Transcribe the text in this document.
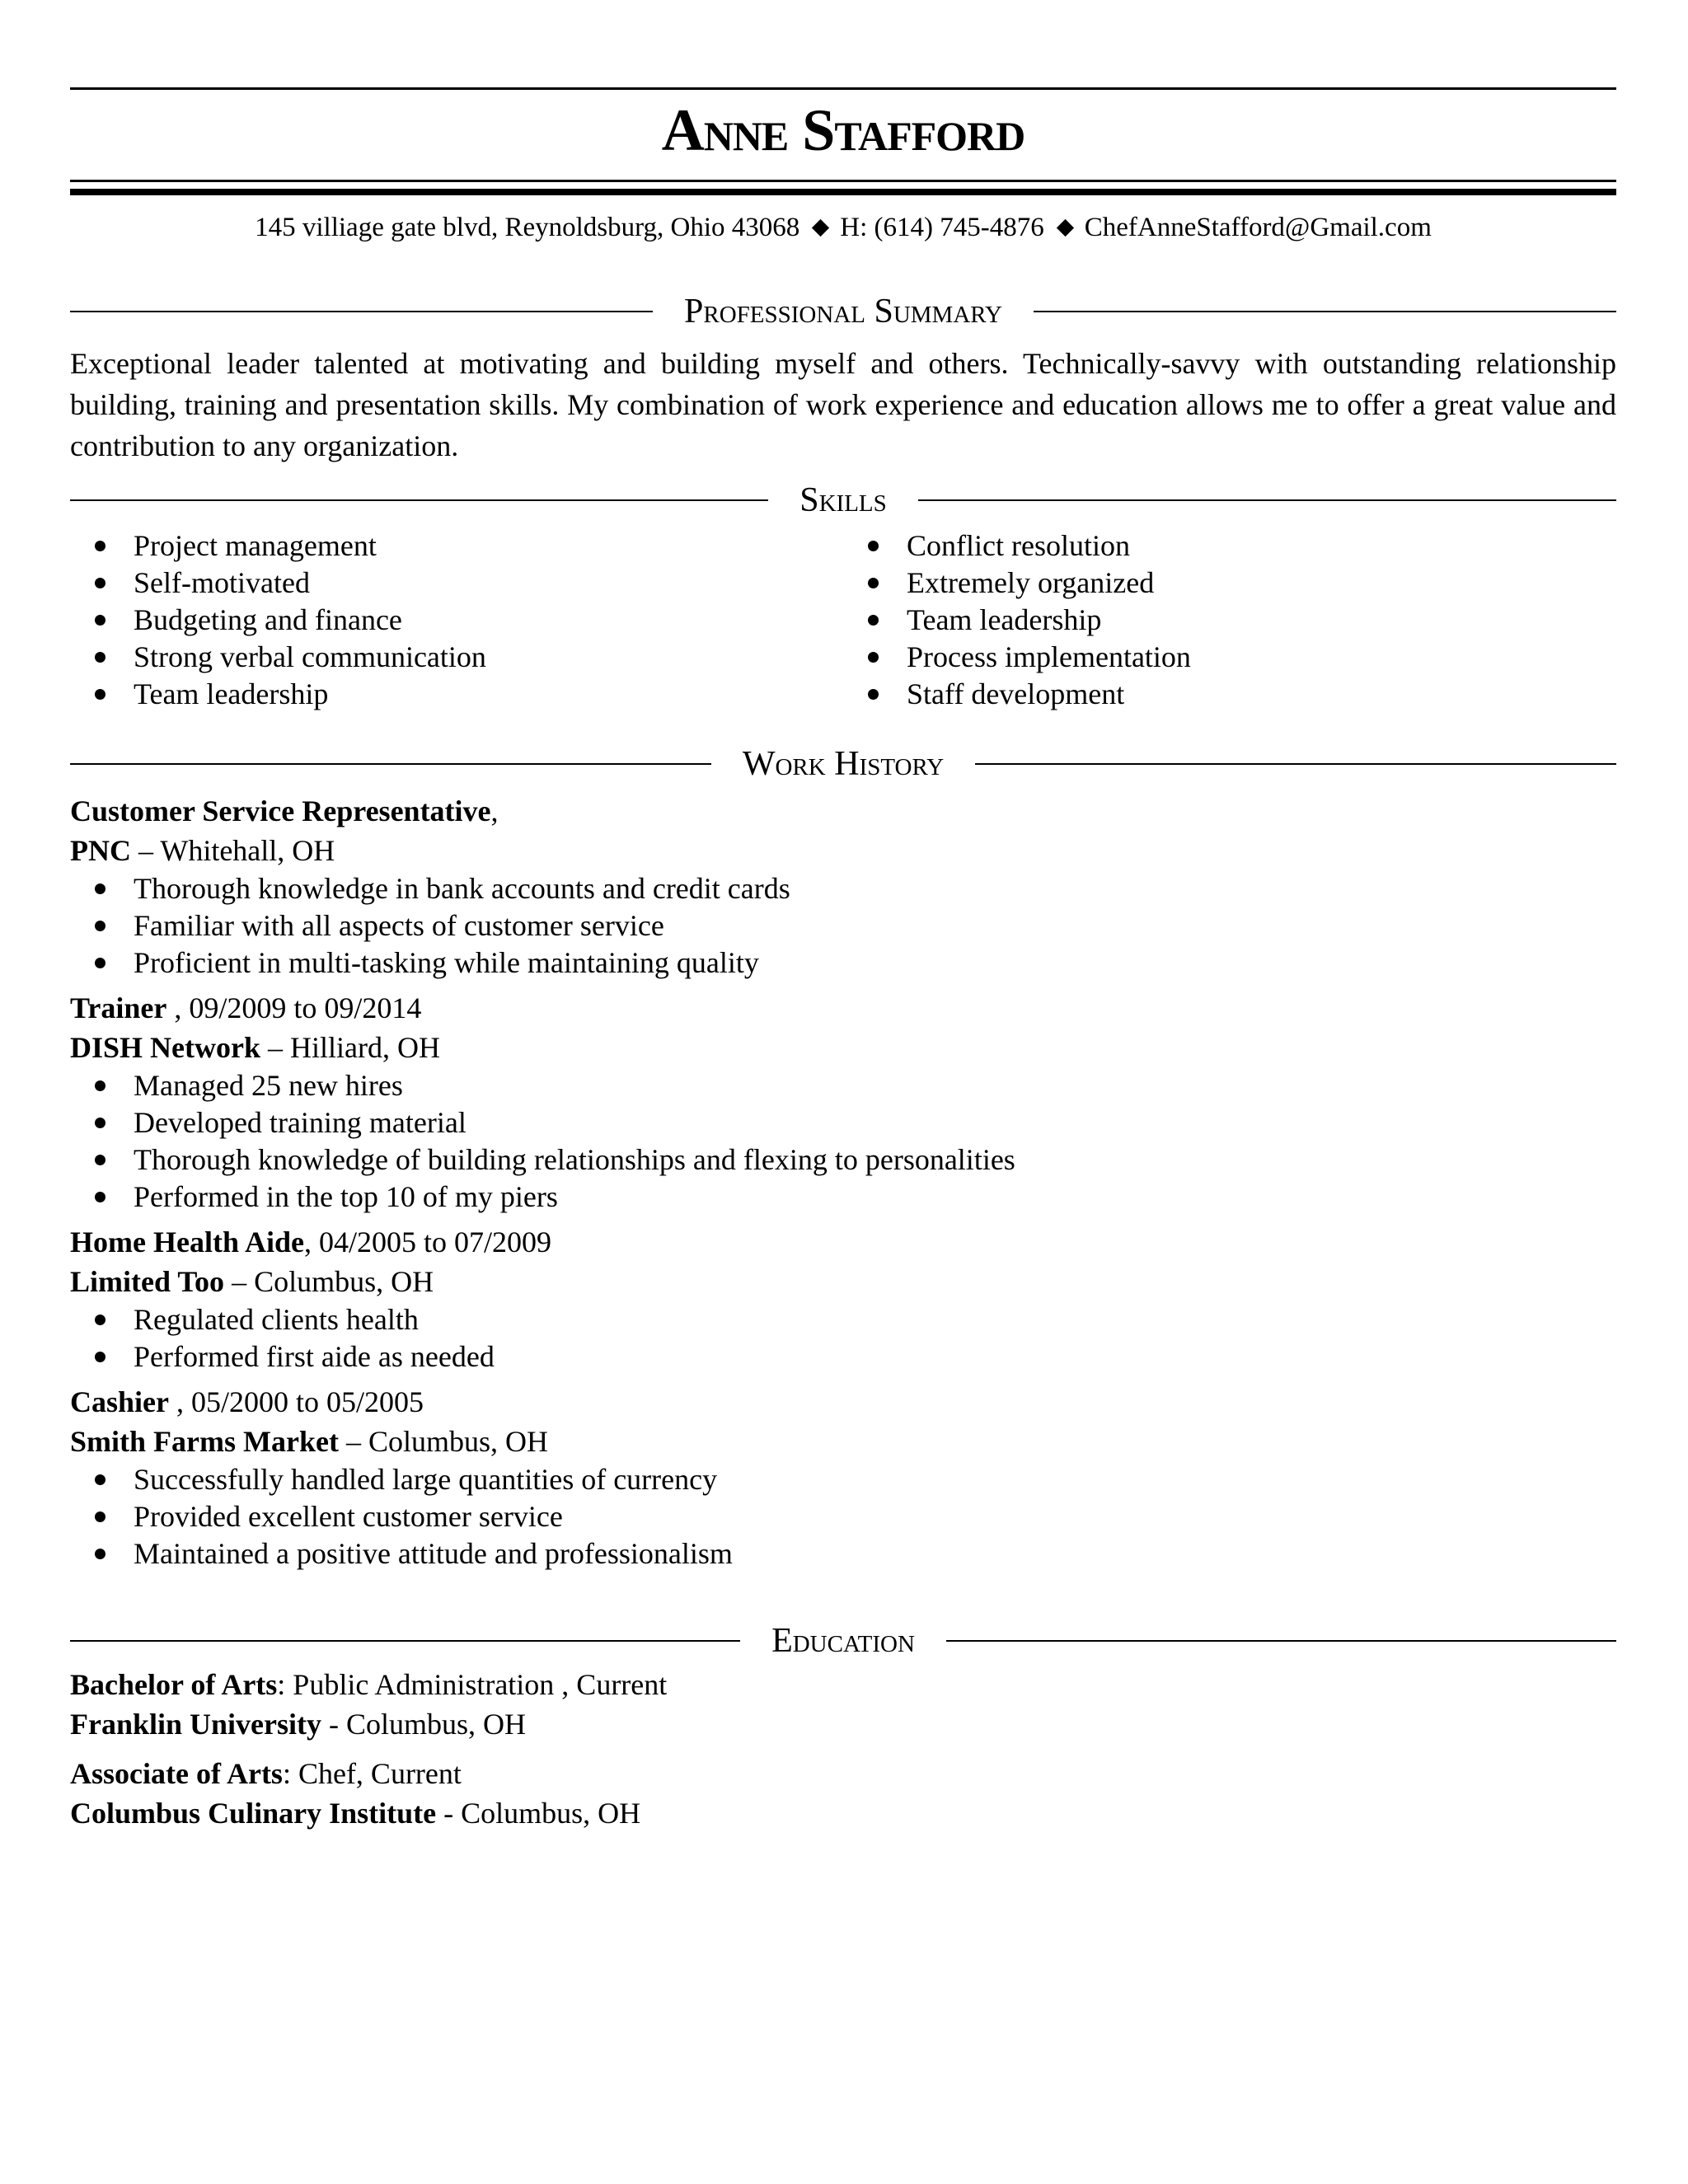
Anne Stafford
145 villiage gate blvd, Reynoldsburg, Ohio 43068 H: (614) 745-4876 ChefAnneStafford@Gmail.com
Professional Summary
Exceptional leader talented at motivating and building myself and others. Technically-savvy with outstanding relationship building, training and presentation skills. My combination of work experience and education allows me to offer a great value and contribution to any organization.
Skills
Project management
Self-motivated
Budgeting and finance
Strong verbal communication
Team leadership
Conflict resolution
Extremely organized
Team leadership
Process implementation
Staff development
Work History
Customer Service Representative,
PNC – Whitehall, OH
Thorough knowledge in bank accounts and credit cards
Familiar with all aspects of customer service
Proficient in multi-tasking while maintaining quality
Trainer , 09/2009 to 09/2014
DISH Network – Hilliard, OH
Managed 25 new hires
Developed training material
Thorough knowledge of building relationships and flexing to personalities
Performed in the top 10 of my piers
Home Health Aide, 04/2005 to 07/2009
Limited Too – Columbus, OH
Regulated clients health
Performed first aide as needed
Cashier , 05/2000 to 05/2005
Smith Farms Market – Columbus, OH
Successfully handled large quantities of currency
Provided excellent customer service
Maintained a positive attitude and professionalism
Education
Bachelor of Arts: Public Administration , Current
Franklin University - Columbus, OH
Associate of Arts: Chef, Current
Columbus Culinary Institute - Columbus, OH
